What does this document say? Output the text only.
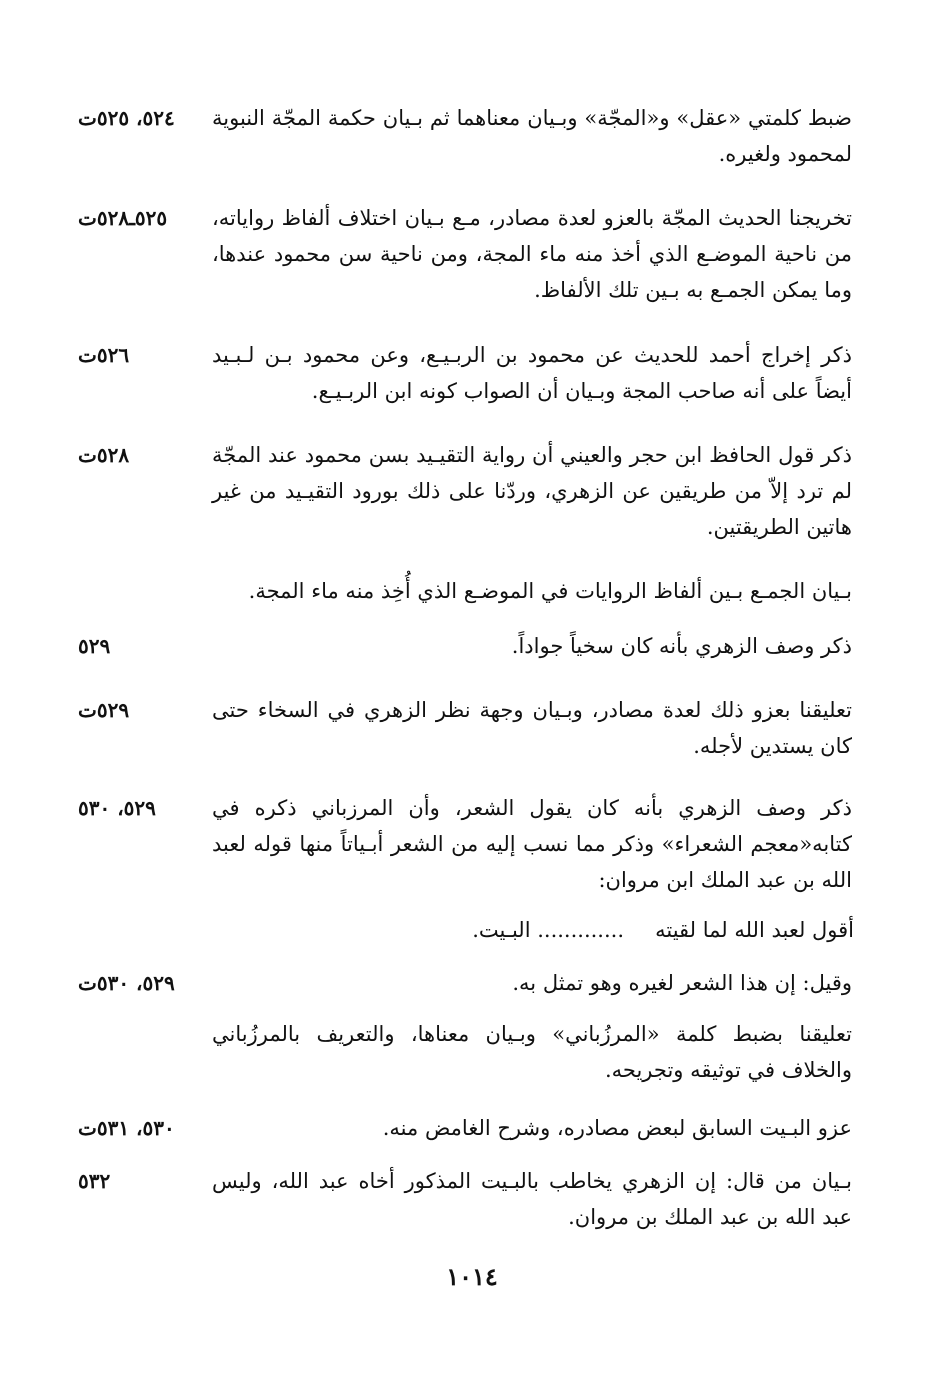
ضبط كلمتي «عقل» و«المجّة» وبـيان معناهما ثم بـيان حكمة المجّة النبوية لمحمود ولغيره.
٥٢٤، ٥٢٥ت
تخريجنا الحديث المجّة بالعزو لعدة مصادر، مـع بـيان اختلاف ألفاظ رواياته، من ناحية الموضـع الذي أخذ منه ماء المجة، ومن ناحية سن محمود عندها، وما يمكن الجمـع به بـين تلك الألفاظ.
٥٢٥ـ٥٢٨ت
ذكر إخراج أحمد للحديث عن محمود بن الربـيـع، وعن محمود بـن لـبـيد أيضاً على أنه صاحب المجة وبـيان أن الصواب كونه ابن الربـيـع.
٥٢٦ت
ذكر قول الحافظ ابن حجر والعيني أن رواية التقيـيد بسن محمود عند المجّة لم ترد إلاّ من طريقين عن الزهري، وردّنا على ذلك بورود التقيـيد من غير هاتين الطريقتين.
٥٢٨ت
بـيان الجمـع بـين ألفاظ الروايات في الموضـع الذي أُخِذ منه ماء المجة.
ذكر وصف الزهري بأنه كان سخياً جواداً.
٥٢٩
تعليقنا بعزو ذلك لعدة مصادر، وبـيان وجهة نظر الزهري في السخاء حتى كان يستدين لأجله.
٥٢٩ت
ذكر وصف الزهري بأنه كان يقول الشعر، وأن المرزباني ذكره في كتابه«معجم الشعراء» وذكر مما نسب إليه من الشعر أبـياتاً منها قوله لعبد الله بن عبد الملك ابن مروان:
٥٢٩، ٥٣٠
أقول لعبد الله لما لقيته
............. البـيت.
وقيل: إن هذا الشعر لغيره وهو تمثل به.
٥٢٩، ٥٣٠ت
تعليقنا بضبط كلمة «المرزُباني» وبـيان معناها، والتعريف بالمرزُباني والخلاف في توثيقه وتجريحه.
عزو البـيت السابق لبعض مصادره، وشرح الغامض منه.
٥٣٠، ٥٣١ت
بـيان من قال: إن الزهري يخاطب بالبـيت المذكور أخاه عبد الله، وليس عبد الله بن عبد الملك بن مروان.
٥٣٢
١٠١٤
